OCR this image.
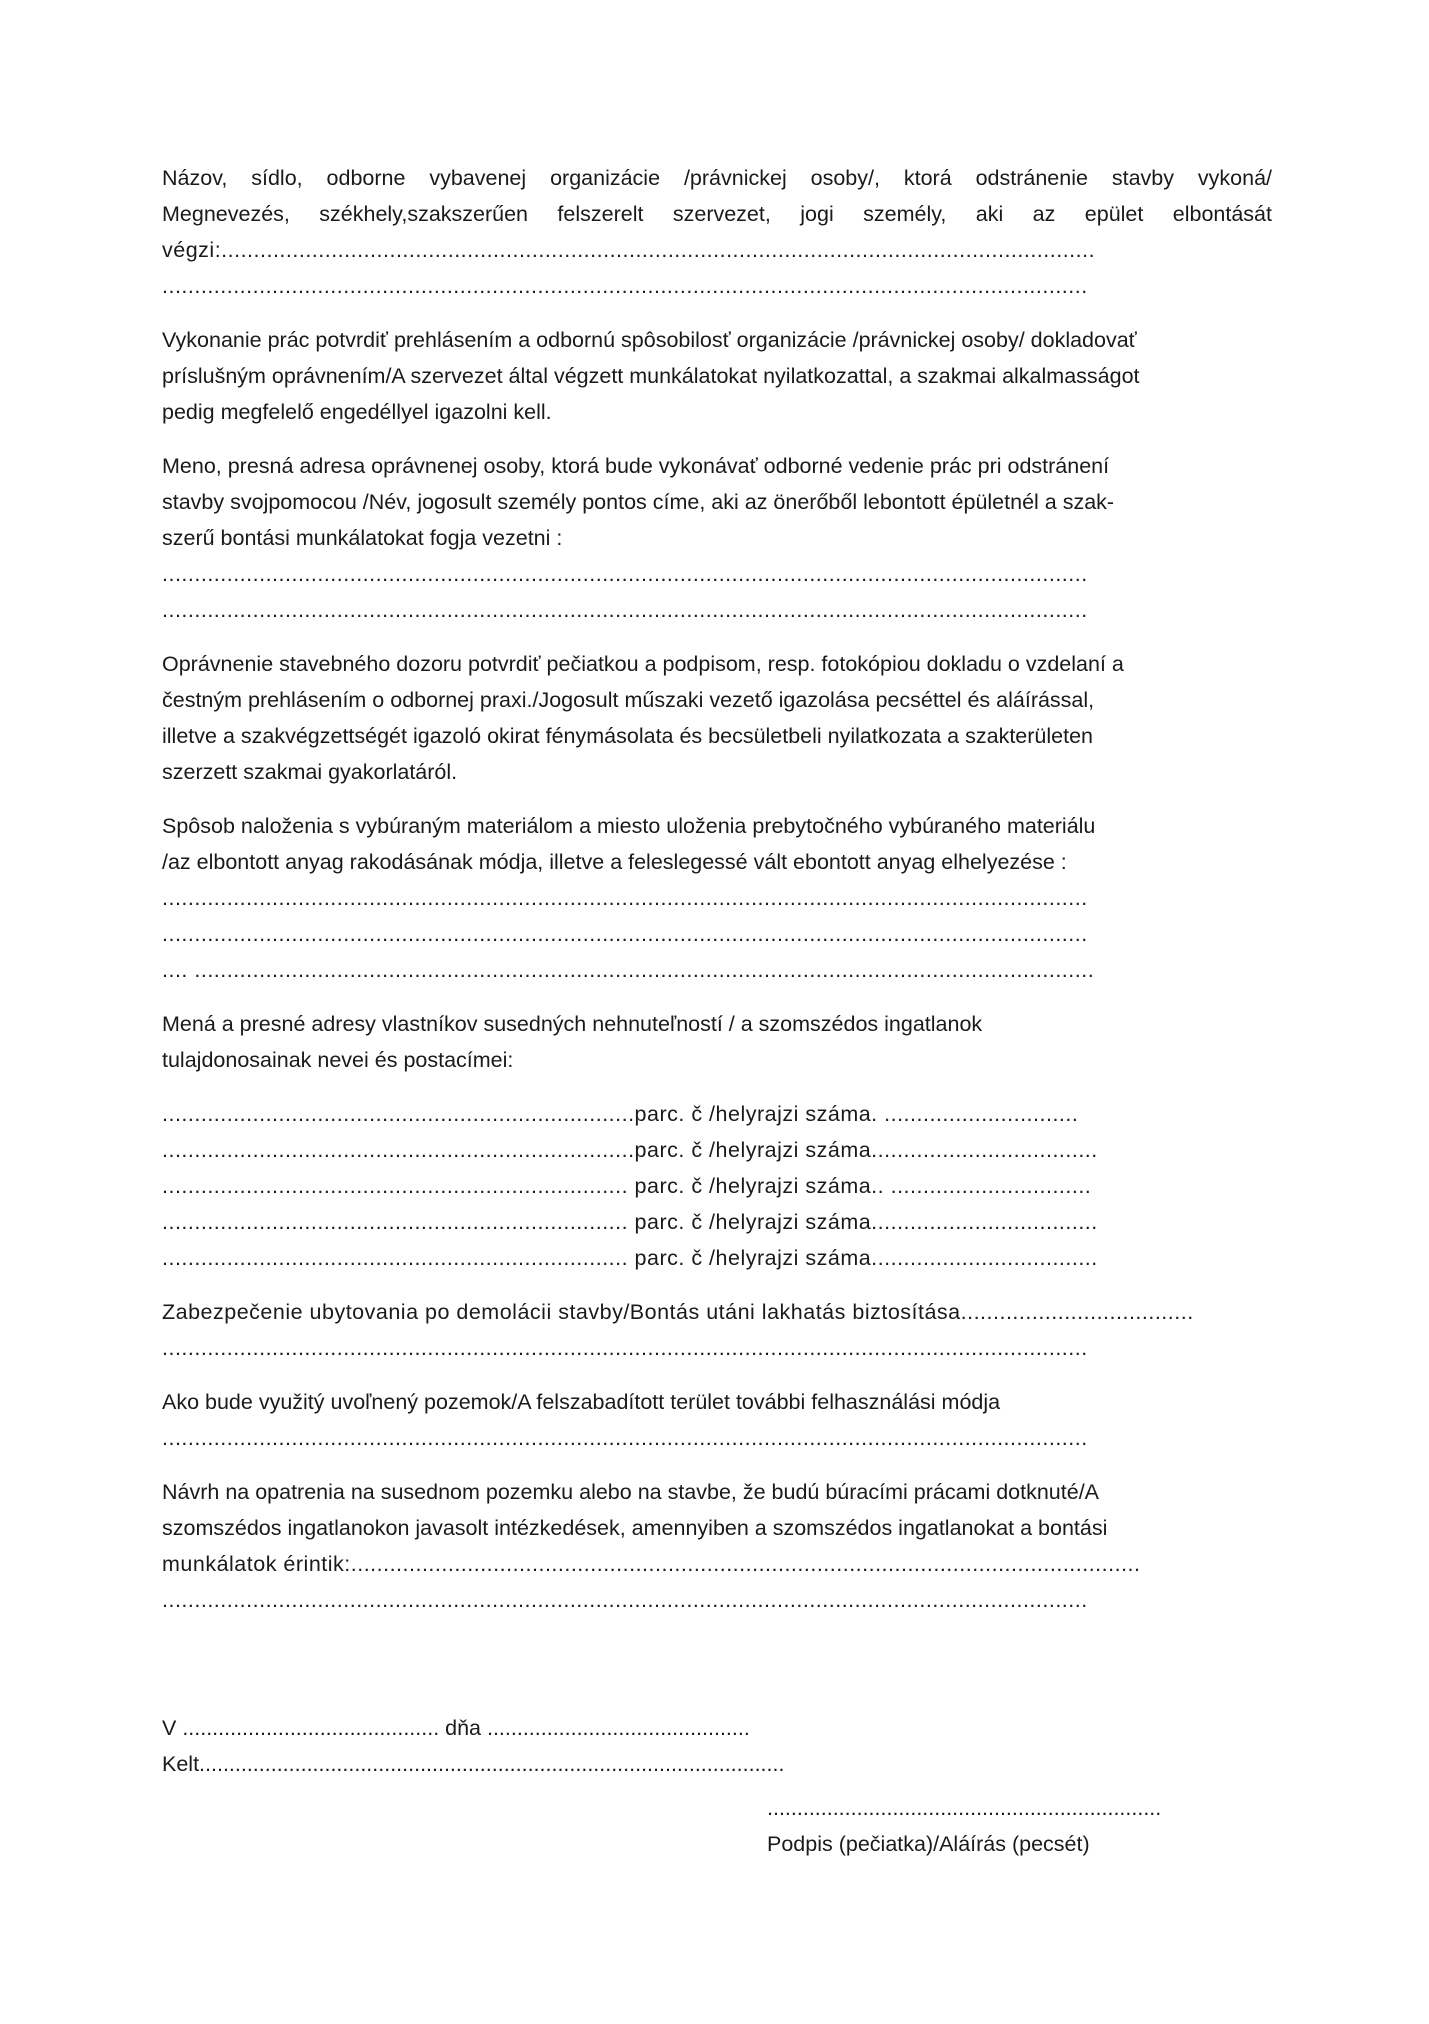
Názov, sídlo, odborne vybavenej organizácie /právnickej osoby/, ktorá odstránenie stavby vykoná/
Megnevezés, székhely,szakszerűen felszerelt szervezet, jogi személy, aki az epület elbontását
végzi:.......................................................................................................................................
...............................................................................................................................................
Vykonanie prác potvrdiť prehlásením a odbornú spôsobilosť organizácie /právnickej osoby/ dokladovať
príslušným oprávnením/A szervezet által végzett munkálatokat nyilatkozattal, a szakmai alkalmasságot
pedig megfelelő engedéllyel igazolni kell.
Meno, presná adresa oprávnenej osoby, ktorá bude vykonávať odborné vedenie prác pri odstránení
stavby svojpomocou /Név, jogosult személy pontos címe, aki az önerőből lebontott épületnél a szak-
szerű bontási munkálatokat fogja vezetni :
...............................................................................................................................................
...............................................................................................................................................
Oprávnenie stavebného dozoru potvrdiť pečiatkou a podpisom, resp. fotokópiou dokladu o vzdelaní a
čestným prehlásením o odbornej praxi./Jogosult műszaki vezető igazolása pecséttel és aláírással,
illetve a szakvégzettségét igazoló okirat fénymásolata és becsületbeli nyilatkozata a szakterületen
szerzett szakmai gyakorlatáról.
Spôsob naloženia s vybúraným materiálom a miesto uloženia prebytočného vybúraného materiálu
/az elbontott anyag rakodásának módja, illetve a feleslegessé vált ebontott anyag elhelyezése :
...............................................................................................................................................
...............................................................................................................................................
.... ...........................................................................................................................................
Mená a presné adresy vlastníkov susedných nehnuteľností / a szomszédos ingatlanok
tulajdonosainak nevei és postacímei:
.........................................................................parc. č /helyrajzi száma. ..............................
.........................................................................parc. č /helyrajzi száma...................................
........................................................................ parc. č /helyrajzi száma.. ...............................
........................................................................ parc. č /helyrajzi száma...................................
........................................................................ parc. č /helyrajzi száma...................................
Zabezpečenie ubytovania po demolácii stavby/Bontás utáni lakhatás biztosítása....................................
...............................................................................................................................................
Ako bude využitý uvoľnený pozemok/A felszabadított terület további felhasználási módja
...............................................................................................................................................
Návrh na opatrenia na susednom pozemku alebo na stavbe, že budú búracími prácami dotknuté/A
szomszédos ingatlanokon javasolt intézkedések, amennyiben a szomszédos ingatlanokat a bontási
munkálatok érintik:..........................................................................................................................
...............................................................................................................................................
V ........................................... dňa ............................................
Kelt..................................................................................................
..................................................................
Podpis (pečiatka)/Aláírás (pecsét)
